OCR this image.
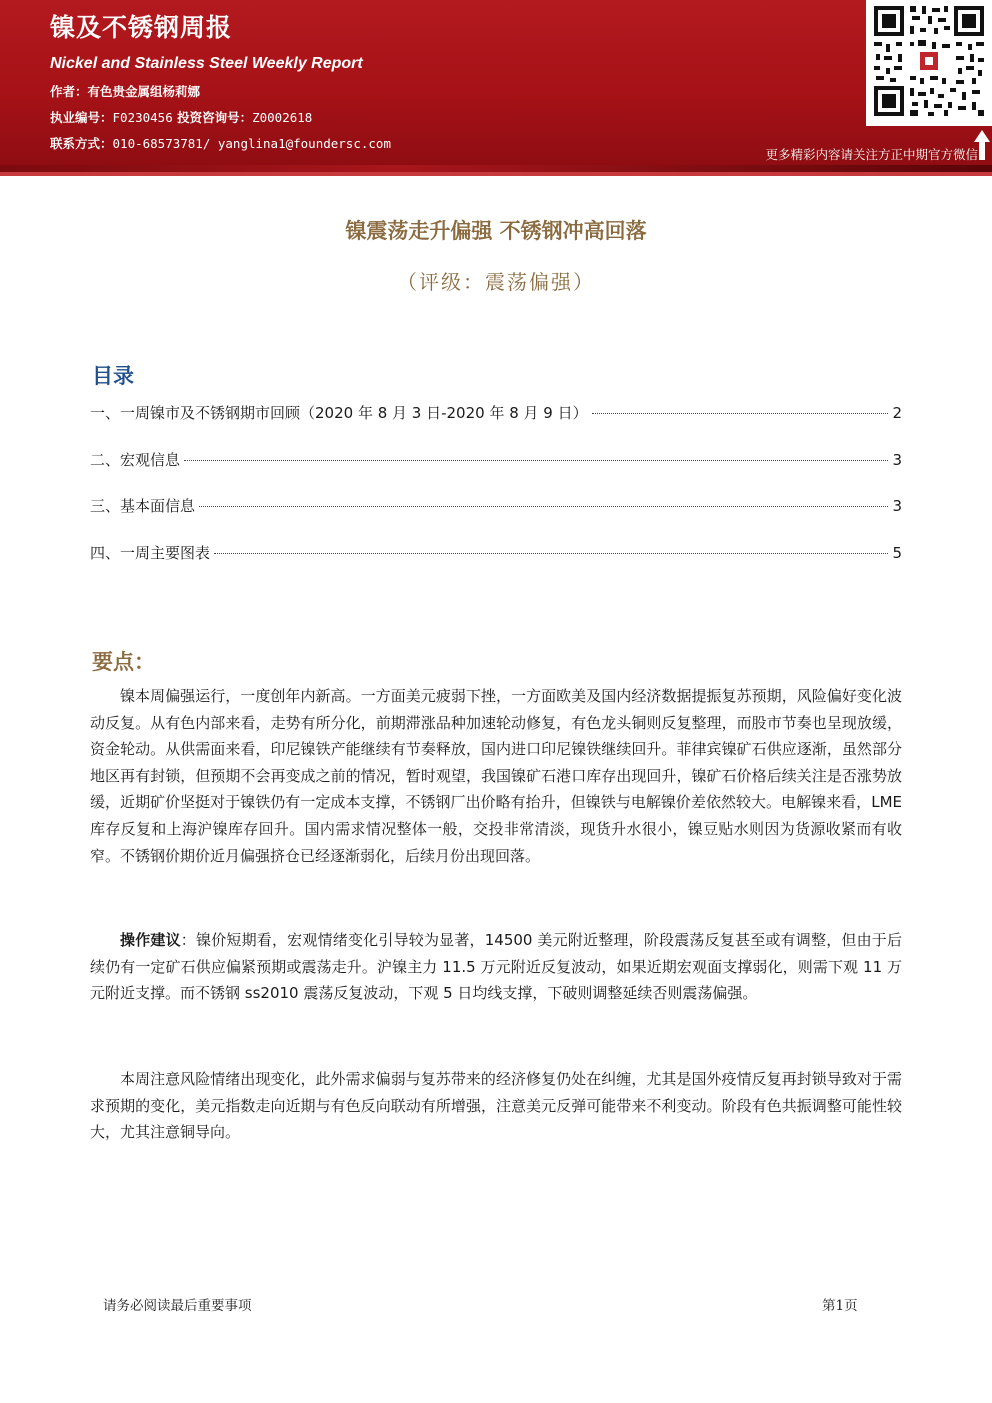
镍及不锈钢周报
Nickel and Stainless Steel Weekly Report
作者：有色贵金属组杨莉娜
执业编号：F0230456 投资咨询号：Z0002618
联系方式：010-68573781/ yanglina1@foundersc.com
更多精彩内容请关注方正中期官方微信
镍震荡走升偏强 不锈钢冲高回落
（评级：震荡偏强）
目录
一、一周镍市及不锈钢期市回顾（2020 年 8 月 3 日-2020 年 8 月 9 日）	2
二、宏观信息	3
三、基本面信息	3
四、一周主要图表	5
要点：
镍本周偏强运行，一度创年内新高。一方面美元疲弱下挫，一方面欧美及国内经济数据提振复苏预期，风险偏好变化波动反复。从有色内部来看，走势有所分化，前期滞涨品种加速轮动修复，有色龙头铜则反复整理，而股市节奏也呈现放缓，资金轮动。从供需面来看，印尼镍铁产能继续有节奏释放，国内进口印尼镍铁继续回升。菲律宾镍矿石供应逐渐，虽然部分地区再有封锁，但预期不会再变成之前的情况，暂时观望，我国镍矿石港口库存出现回升，镍矿石价格后续关注是否涨势放缓，近期矿价坚挺对于镍铁仍有一定成本支撑，不锈钢厂出价略有抬升，但镍铁与电解镍价差依然较大。电解镍来看，LME 库存反复和上海沪镍库存回升。国内需求情况整体一般，交投非常清淡，现货升水很小，镍豆贴水则因为货源收紧而有收窄。不锈钢价期价近月偏强挤仓已经逐渐弱化，后续月份出现回落。
操作建议：镍价短期看，宏观情绪变化引导较为显著，14500 美元附近整理，阶段震荡反复甚至或有调整，但由于后续仍有一定矿石供应偏紧预期或震荡走升。沪镍主力 11.5 万元附近反复波动，如果近期宏观面支撑弱化，则需下观 11 万元附近支撑。而不锈钢 ss2010 震荡反复波动，下观 5 日均线支撑，下破则调整延续否则震荡偏强。
本周注意风险情绪出现变化，此外需求偏弱与复苏带来的经济修复仍处在纠缠，尤其是国外疫情反复再封锁导致对于需求预期的变化，美元指数走向近期与有色反向联动有所增强，注意美元反弹可能带来不利变动。阶段有色共振调整可能性较大，尤其注意铜导向。
请务必阅读最后重要事项	第1页
